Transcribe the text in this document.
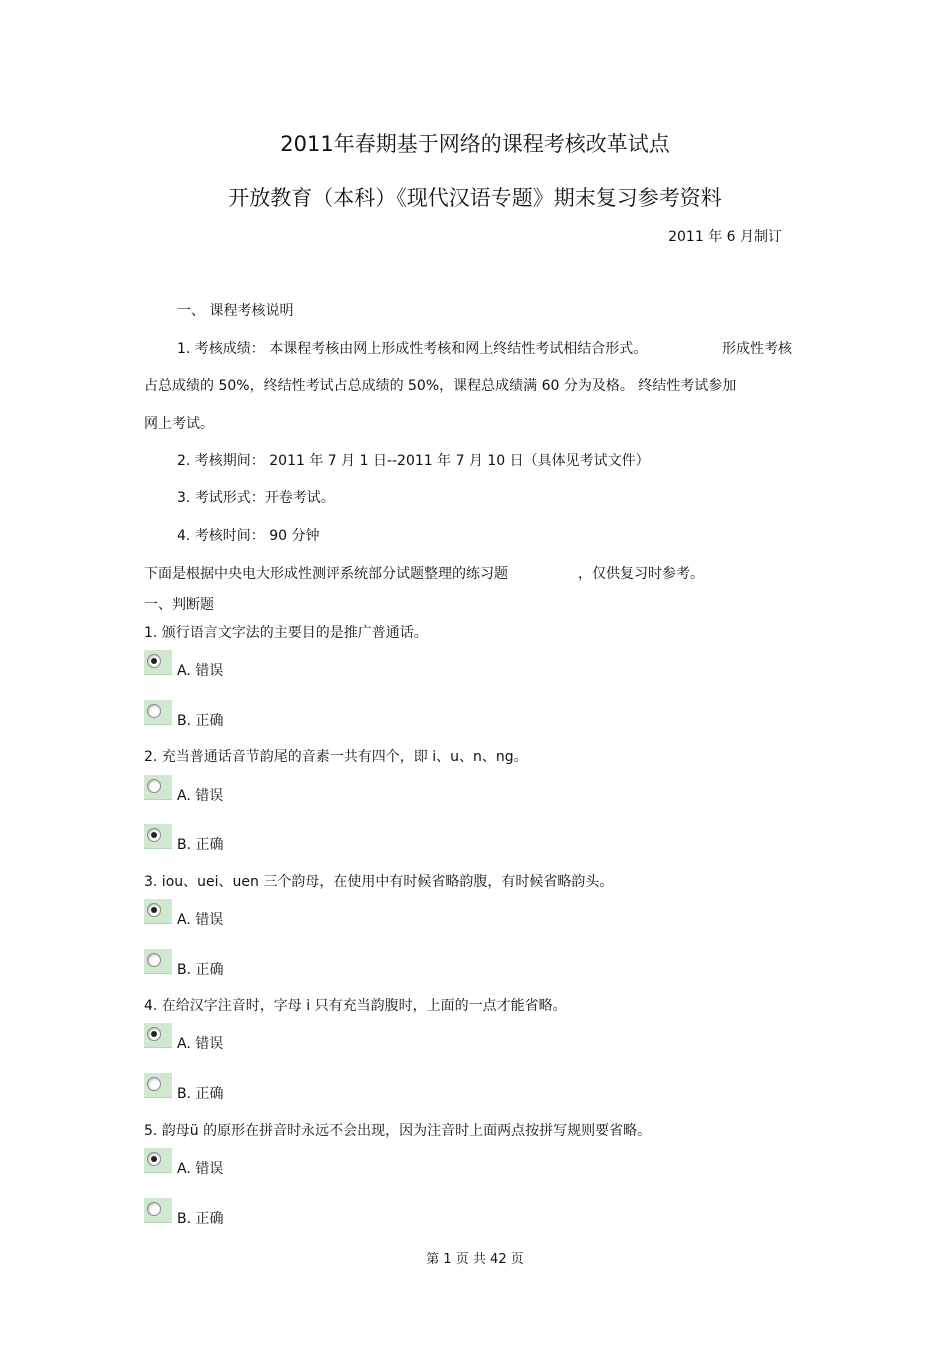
2011年春期基于网络的课程考核改革试点
开放教育（本科）《现代汉语专题》期末复习参考资料
2011 年 6 月制订
一、 课程考核说明
1. 考核成绩： 本课程考核由网上形成性考核和网上终结性考试相结合形式。	形成性考核
占总成绩的 50%，终结性考试占总成绩的 50%，课程总成绩满 60 分为及格。 终结性考试参加
网上考试。
2. 考核期间： 2011 年 7 月 1 日--2011 年 7 月 10 日（具体见考试文件）
3. 考试形式：开卷考试。
4. 考核时间： 90 分钟
下面是根据中央电大形成性测评系统部分试题整理的练习题	，仅供复习时参考。
一、判断题
1. 颁行语言文字法的主要目的是推广普通话。
A. 错误
B. 正确
2. 充当普通话音节韵尾的音素一共有四个，即 i、u、n、ng。
A. 错误
B. 正确
3. iou、uei、uen 三个韵母，在使用中有时候省略韵腹，有时候省略韵头。
A. 错误
B. 正确
4. 在给汉字注音时，字母 i 只有充当韵腹时，上面的一点才能省略。
A. 错误
B. 正确
5. 韵母ü 的原形在拼音时永远不会出现，因为注音时上面两点按拼写规则要省略。
A. 错误
B. 正确
第 1 页 共 42 页
